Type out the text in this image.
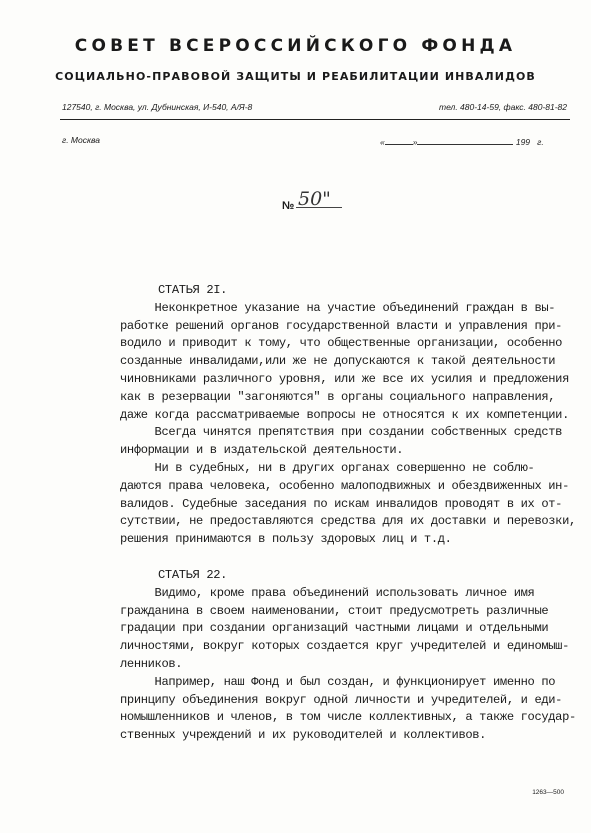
СОВЕТ ВСЕРОССИЙСКОГО ФОНДА
СОЦИАЛЬНО-ПРАВОВОЙ ЗАЩИТЫ И РЕАБИЛИТАЦИИ ИНВАЛИДОВ
127540, г. Москва, ул. Дубнинская, И-540, А/Я-8	тел. 480-14-59, факс. 480-81-82
г. Москва	«	»	199 г.
№ 50"

СТАТЬЯ 2I.

Неконкретное указание на участие объединений граждан в вы-

работке решений органов государственной власти и управления при-

водило и приводит к тому, что общественные организации, особенно

созданные инвалидами,или же не допускаются к такой деятельности

чиновниками различного уровня, или же все их усилия и предложения

как в резервации "загоняются" в органы социального направления,

даже когда рассматриваемые вопросы не относятся к их компетенции.

Всегда чинятся препятствия при создании собственных средств

информации и в издательской деятельности.

Ни в судебных, ни в других органах совершенно не соблю-

даются права человека, особенно малоподвижных и обездвиженных ин-

валидов. Судебные заседания по искам инвалидов проводят в их от-

сутствии, не предоставляются средства для их доставки и перевозки,

решения принимаются в пользу здоровых лиц и т.д.

СТАТЬЯ 22.

Видимо, кроме права объединений использовать личное имя

гражданина в своем наименовании, стоит предусмотреть различные

градации при создании организаций частными лицами и отдельными

личностями, вокруг которых создается круг учредителей и единомыш-

ленников.

Например, наш Фонд и был создан, и функционирует именно по

принципу объединения вокруг одной личности и учредителей, и еди-

номышленников и членов, в том числе коллективных, а также государ-

ственных учреждений и их руководителей и коллективов.

1263—500
